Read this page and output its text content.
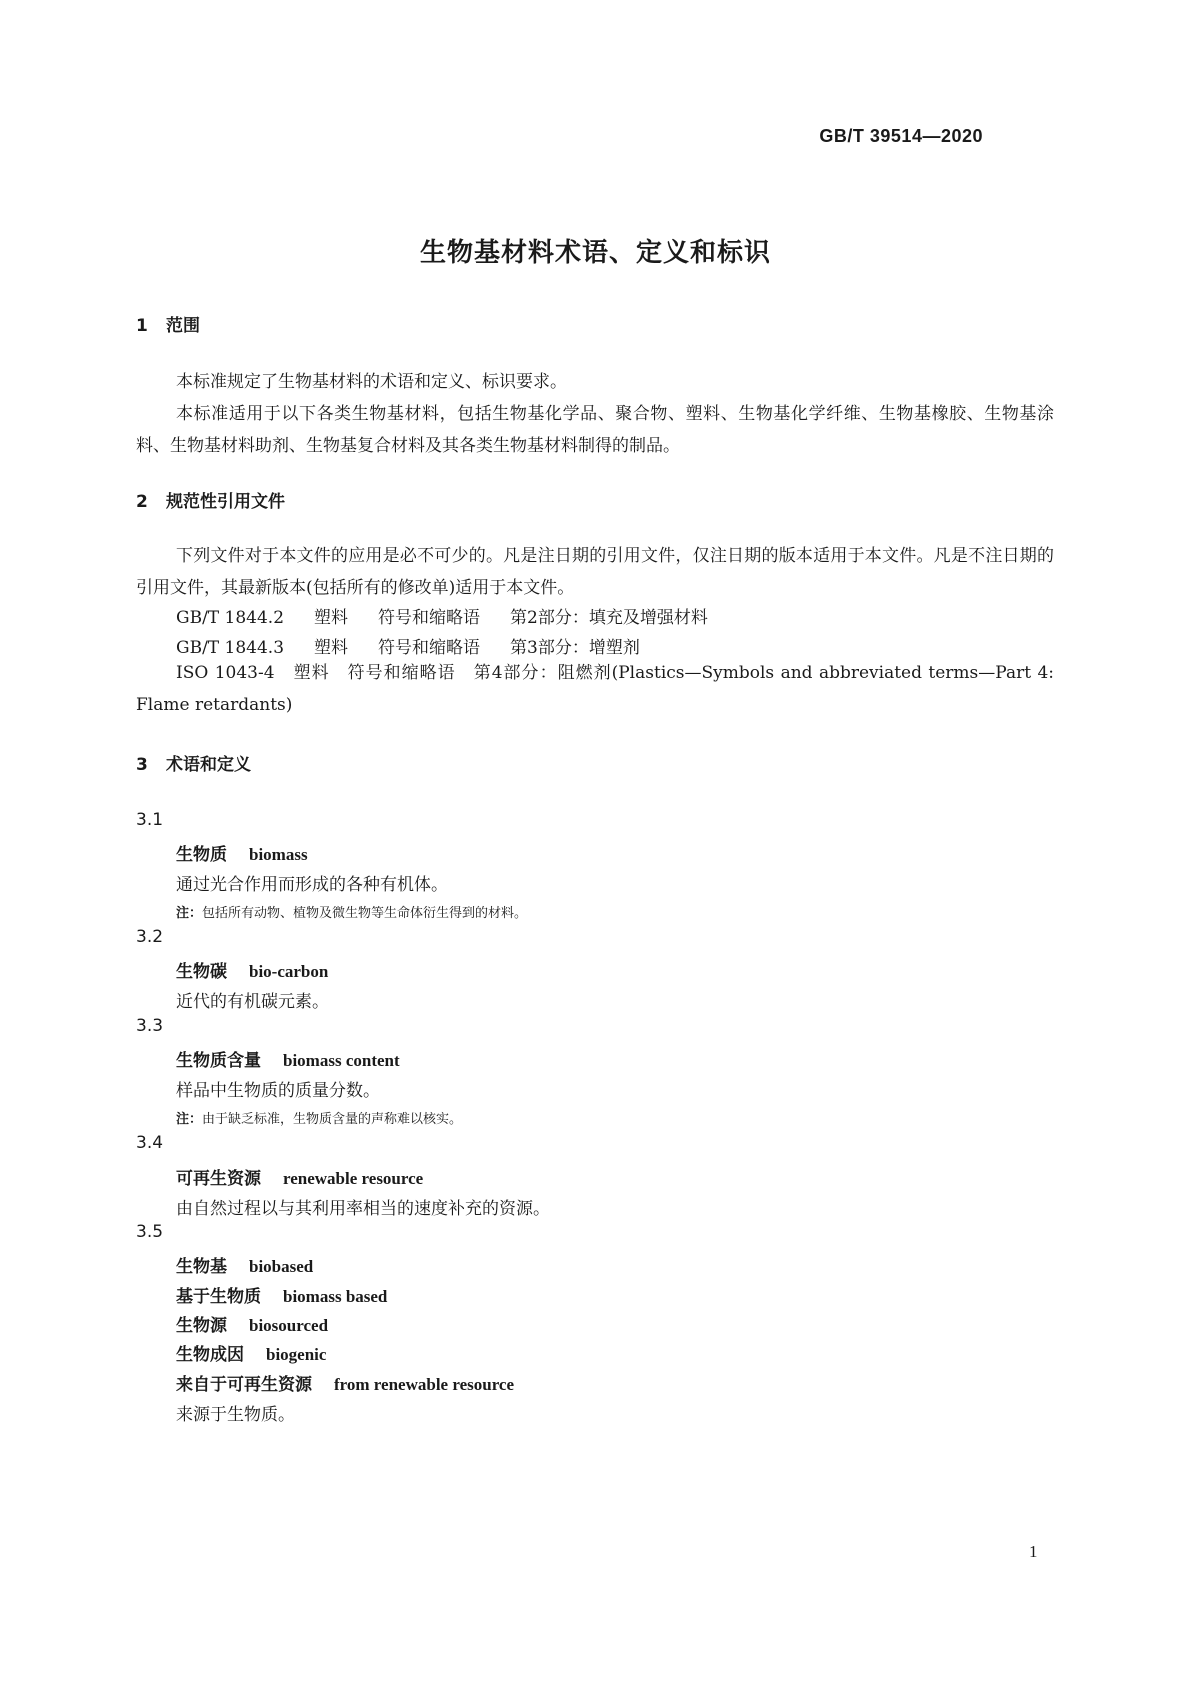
GB/T 39514—2020
生物基材料术语、定义和标识
1 范围

本标准规定了生物基材料的术语和定义、标识要求。

本标准适用于以下各类生物基材料，包括生物基化学品、聚合物、塑料、生物基化学纤维、生物基橡胶、生物基涂料、生物基材料助剂、生物基复合材料及其各类生物基材料制得的制品。

2 规范性引用文件

下列文件对于本文件的应用是必不可少的。凡是注日期的引用文件，仅注日期的版本适用于本文件。凡是不注日期的引用文件，其最新版本(包括所有的修改单)适用于本文件。

GB/T 1844.2 塑料 符号和缩略语 第2部分：填充及增强材料
GB/T 1844.3 塑料 符号和缩略语 第3部分：增塑剂

ISO 1043-4　塑料　符号和缩略语　第4部分：阻燃剂(Plastics—Symbols and abbreviated terms—Part 4: Flame retardants)

3 术语和定义
3.1
生物质 biomass
通过光合作用而形成的各种有机体。
注：包括所有动物、植物及微生物等生命体衍生得到的材料。
3.2
生物碳 bio-carbon
近代的有机碳元素。
3.3
生物质含量 biomass content
样品中生物质的质量分数。
注：由于缺乏标准，生物质含量的声称难以核实。
3.4
可再生资源 renewable resource
由自然过程以与其利用率相当的速度补充的资源。
3.5
生物基 biobased
基于生物质 biomass based
生物源 biosourced
生物成因 biogenic
来自于可再生资源 from renewable resource
来源于生物质。
1
